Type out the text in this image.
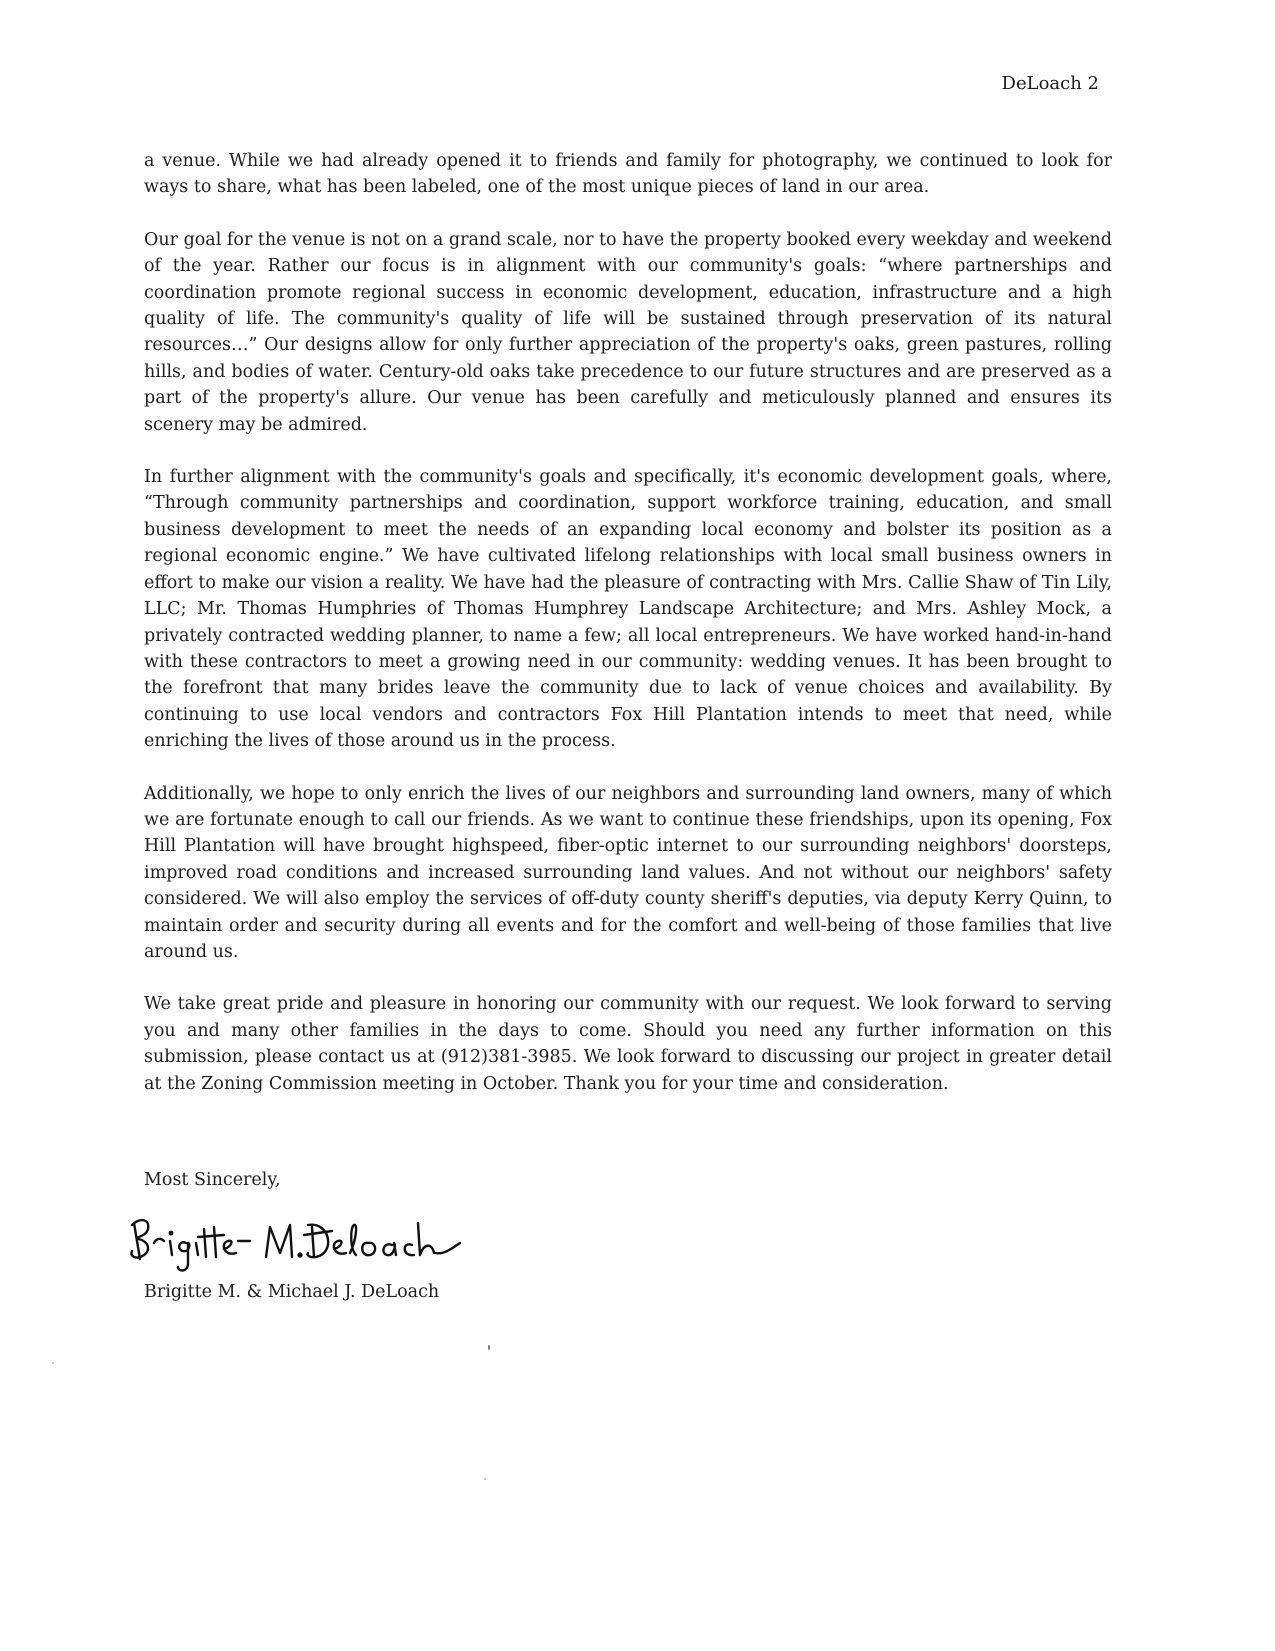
DeLoach 2

a venue. While we had already opened it to friends and family for photography, we continued to look for ways to share, what has been labeled, one of the most unique pieces of land in our area.

Our goal for the venue is not on a grand scale, nor to have the property booked every weekday and weekend of the year. Rather our focus is in alignment with our community's goals: “where partnerships and coordination promote regional success in economic development, education, infrastructure and a high quality of life. The community's quality of life will be sustained through preservation of its natural resources…” Our designs allow for only further appreciation of the property's oaks, green pastures, rolling hills, and bodies of water. Century-old oaks take precedence to our future structures and are preserved as a part of the property's allure. Our venue has been carefully and meticulously planned and ensures its scenery may be admired.

In further alignment with the community's goals and specifically, it's economic development goals, where, “Through community partnerships and coordination, support workforce training, education, and small business development to meet the needs of an expanding local economy and bolster its position as a regional economic engine.” We have cultivated lifelong relationships with local small business owners in effort to make our vision a reality. We have had the pleasure of contracting with Mrs. Callie Shaw of Tin Lily, LLC; Mr. Thomas Humphries of Thomas Humphrey Landscape Architecture; and Mrs. Ashley Mock, a privately contracted wedding planner, to name a few; all local entrepreneurs. We have worked hand-in-hand with these contractors to meet a growing need in our community: wedding venues. It has been brought to the forefront that many brides leave the community due to lack of venue choices and availability. By continuing to use local vendors and contractors Fox Hill Plantation intends to meet that need, while enriching the lives of those around us in the process.

Additionally, we hope to only enrich the lives of our neighbors and surrounding land owners, many of which we are fortunate enough to call our friends. As we want to continue these friendships, upon its opening, Fox Hill Plantation will have brought highspeed, fiber-optic internet to our surrounding neighbors' doorsteps, improved road conditions and increased surrounding land values. And not without our neighbors' safety considered. We will also employ the services of off-duty county sheriff's deputies, via deputy Kerry Quinn, to maintain order and security during all events and for the comfort and well-being of those families that live around us.

We take great pride and pleasure in honoring our community with our request. We look forward to serving you and many other families in the days to come. Should you need any further information on this submission, please contact us at (912)381-3985. We look forward to discussing our project in greater detail at the Zoning Commission meeting in October. Thank you for your time and consideration.

Most Sincerely,
Brigitte M. & Michael J. DeLoach
